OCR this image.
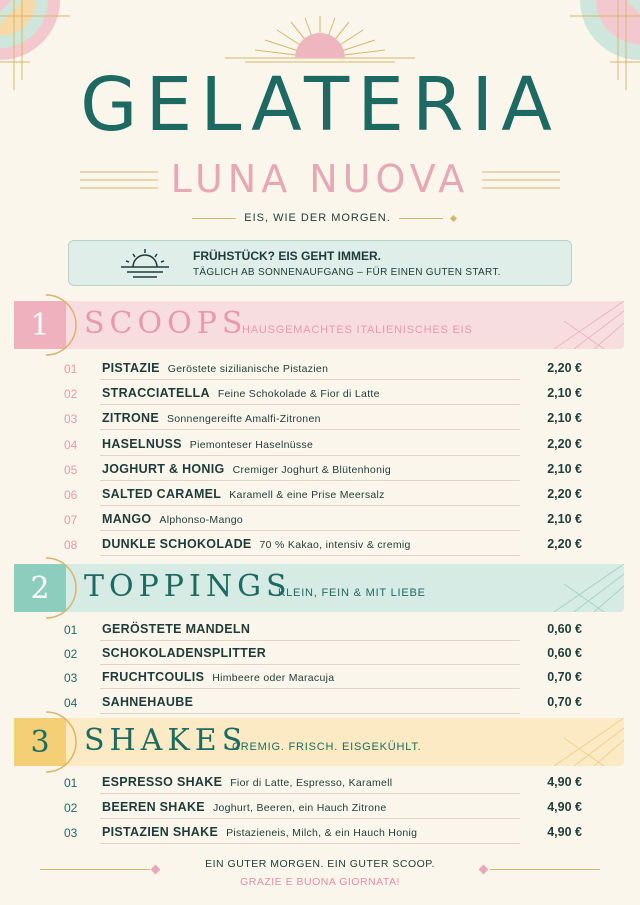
GELATERIA
LUNA NUOVA
EIS, WIE DER MORGEN.
FRÜHSTÜCK? EIS GEHT IMMER.
TÄGLICH AB SONNENAUFGANG – FÜR EINEN GUTEN START.
1	SCOOPS
HAUSGEMACHTES ITALIENISCHES EIS
01 PISTAZIE Geröstete sizilianische Pistazien	2,20 €
02 STRACCIATELLA Feine Schokolade & Fior di Latte	2,10 €
03 ZITRONE Sonnengereifte Amalfi-Zitronen	2,10 €
04 HASELNUSS Piemonteser Haselnüsse	2,20 €
05 JOGHURT & HONIG Cremiger Joghurt & Blütenhonig	2,10 €
06 SALTED CARAMEL Karamell & eine Prise Meersalz	2,20 €
07 MANGO Alphonso-Mango	2,10 €
08 DUNKLE SCHOKOLADE 70 % Kakao, intensiv & cremig	2,20 €
2	TOPPINGS
KLEIN, FEIN & MIT LIEBE
01 GERÖSTETE MANDELN	0,60 €
02 SCHOKOLADENSPLITTER	0,60 €
03 FRUCHTCOULIS Himbeere oder Maracuja	0,70 €
04 SAHNEHAUBE	0,70 €
3	SHAKES
CREMIG. FRISCH. EISGEKÜHLT.
01 ESPRESSO SHAKE Fior di Latte, Espresso, Karamell	4,90 €
02 BEEREN SHAKE Joghurt, Beeren, ein Hauch Zitrone	4,90 €
03 PISTAZIEN SHAKE Pistazieneis, Milch, & ein Hauch Honig	4,90 €
EIN GUTER MORGEN. EIN GUTER SCOOP.
GRAZIE E BUONA GIORNATA!
